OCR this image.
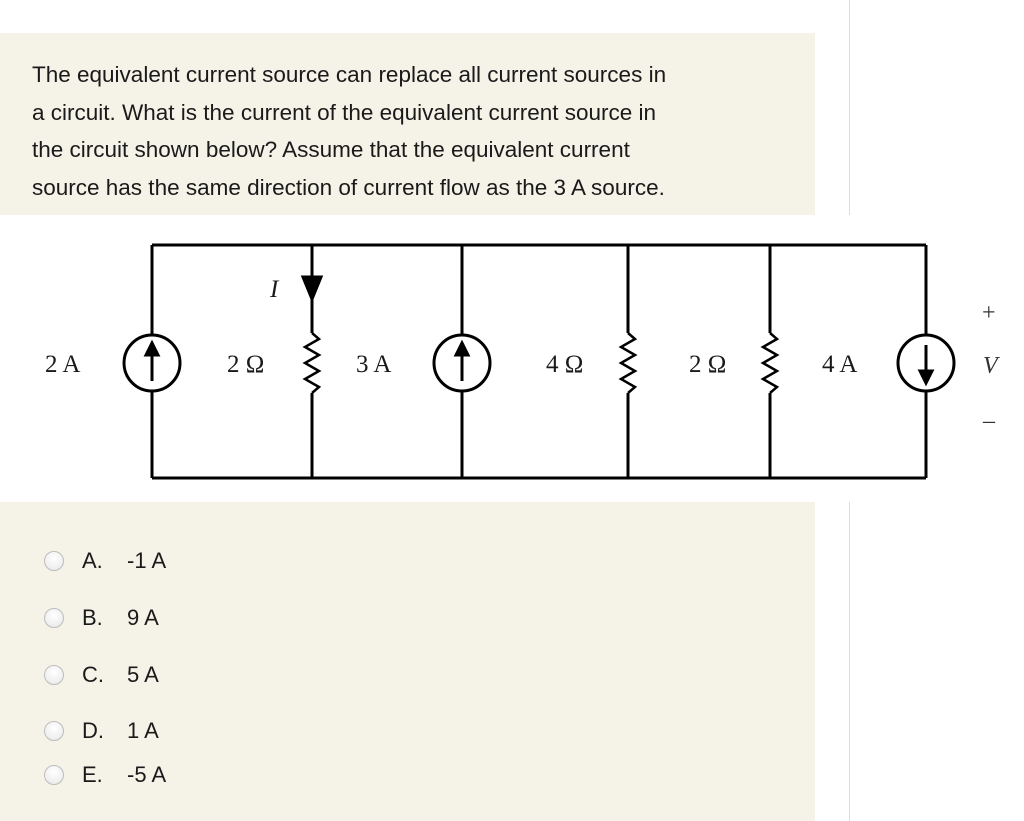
The equivalent current source can replace all current sources in
a circuit. What is the current of the equivalent current source in
the circuit shown below? Assume that the equivalent current
source has the same direction of current flow as the 3 A source.

2 A	2 Ω
I
3 A	4 Ω	2 Ω	4 A
+
V
–
A.	-1 A
B.	9 A
C.	5 A
D.	1 A
E.	-5 A
